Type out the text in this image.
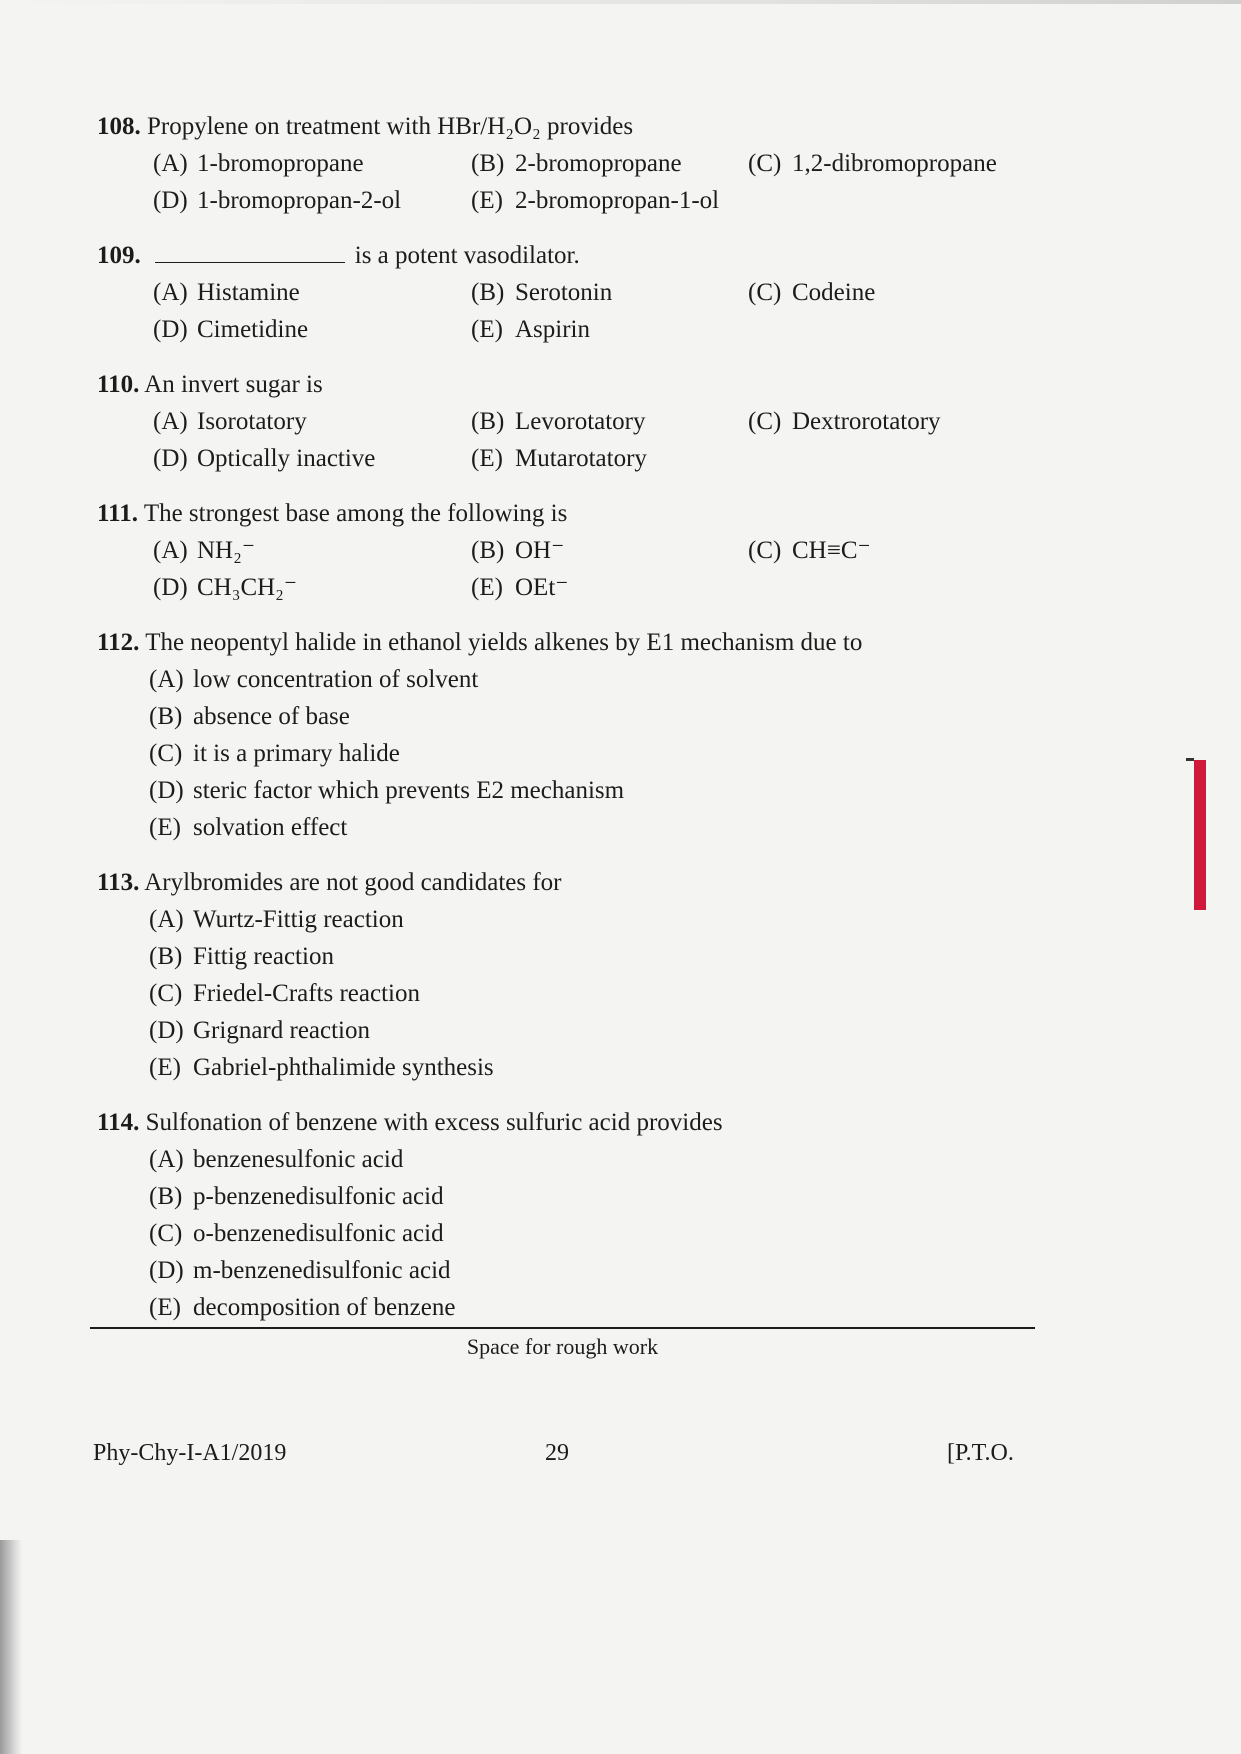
108. Propylene on treatment with HBr/H₂O₂ provides
(A) 1-bromopropane	(B) 2-bromopropane	(C) 1,2-dibromopropane
(D) 1-bromopropan-2-ol	(E) 2-bromopropan-1-ol
109.	is a potent vasodilator.
(A) Histamine	(B) Serotonin	(C) Codeine
(D) Cimetidine	(E) Aspirin
110. An invert sugar is
(A) Isorotatory	(B) Levorotatory	(C) Dextrorotatory
(D) Optically inactive	(E) Mutarotatory
111. The strongest base among the following is
(A) NH₂⁻	(B) OH⁻	(C) CH≡C⁻
(D) CH₃CH₂⁻	(E) OEt⁻
112. The neopentyl halide in ethanol yields alkenes by E1 mechanism due to
(A) low concentration of solvent
(B) absence of base
(C) it is a primary halide
(D) steric factor which prevents E2 mechanism
(E) solvation effect
113. Arylbromides are not good candidates for
(A) Wurtz-Fittig reaction
(B) Fittig reaction
(C) Friedel-Crafts reaction
(D) Grignard reaction
(E) Gabriel-phthalimide synthesis
114. Sulfonation of benzene with excess sulfuric acid provides
(A) benzenesulfonic acid
(B) p-benzenedisulfonic acid
(C) o-benzenedisulfonic acid
(D) m-benzenedisulfonic acid
(E) decomposition of benzene
Space for rough work
Phy-Chy-I-A1/2019	29	[P.T.O.
